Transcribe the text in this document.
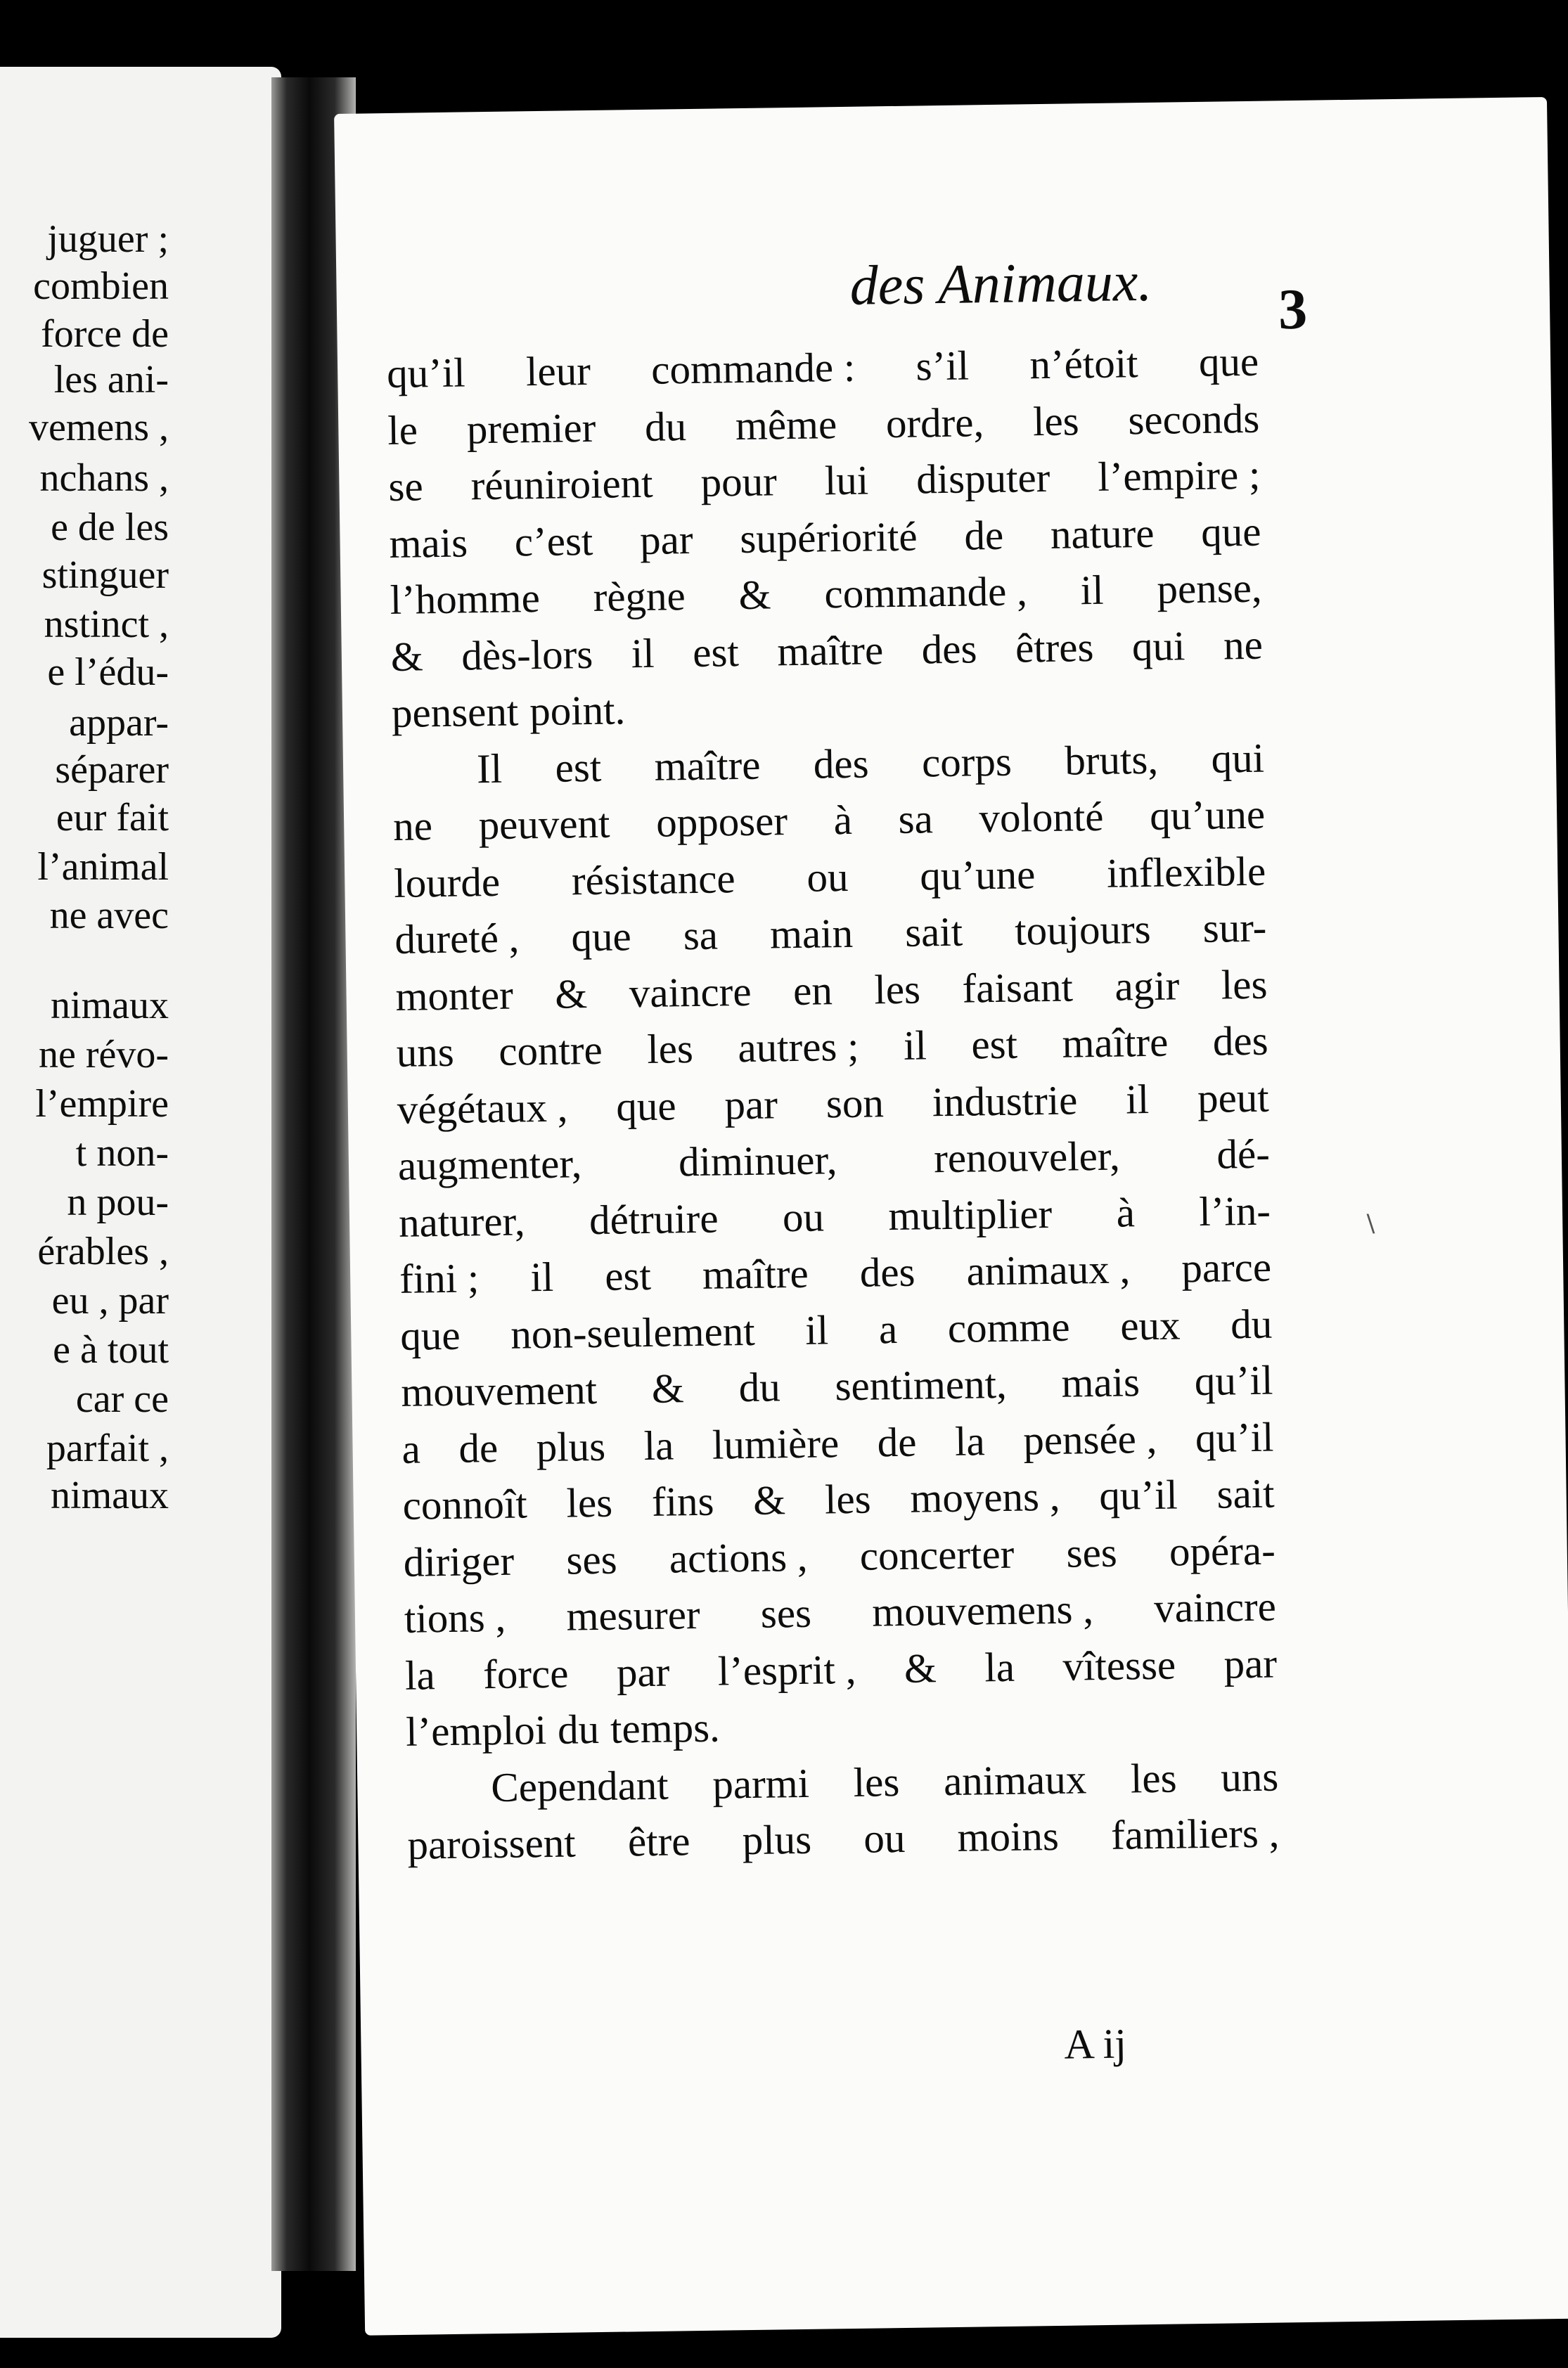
juguer ;
combien
force de
les ani-
vemens ,
nchans ,
e de les
stinguer
nstinct ,
e l’édu-
appar-
séparer
eur fait
l’animal
ne avec
nimaux
ne révo-
l’empire
t non-
n pou-
érables ,
eu , par
e à tout
car ce
parfait ,
nimaux
des Animaux.	3
qu’il leur commande : s’il n’étoit que
le premier du même ordre, les seconds
se réuniroient pour lui disputer l’empire ;
mais c’est par supériorité de nature que
l’homme règne & commande , il pense,
& dès-lors il est maître des êtres qui ne
pensent point.
Il est maître des corps bruts, qui
ne peuvent opposer à sa volonté qu’une
lourde résistance ou qu’une inflexible
dureté , que sa main sait toujours sur-
monter & vaincre en les faisant agir les
uns contre les autres ; il est maître des
végétaux , que par son industrie il peut
augmenter, diminuer, renouveler, dé-
naturer, détruire ou multiplier à l’in-
fini ; il est maître des animaux , parce
que non-seulement il a comme eux du
mouvement & du sentiment, mais qu’il
a de plus la lumière de la pensée , qu’il
connoît les fins & les moyens , qu’il sait
diriger ses actions , concerter ses opéra-
tions , mesurer ses mouvemens , vaincre
la force par l’esprit , & la vîtesse par
l’emploi du temps.
Cependant parmi les animaux les uns
paroissent être plus ou moins familiers ,
A ij
∖
